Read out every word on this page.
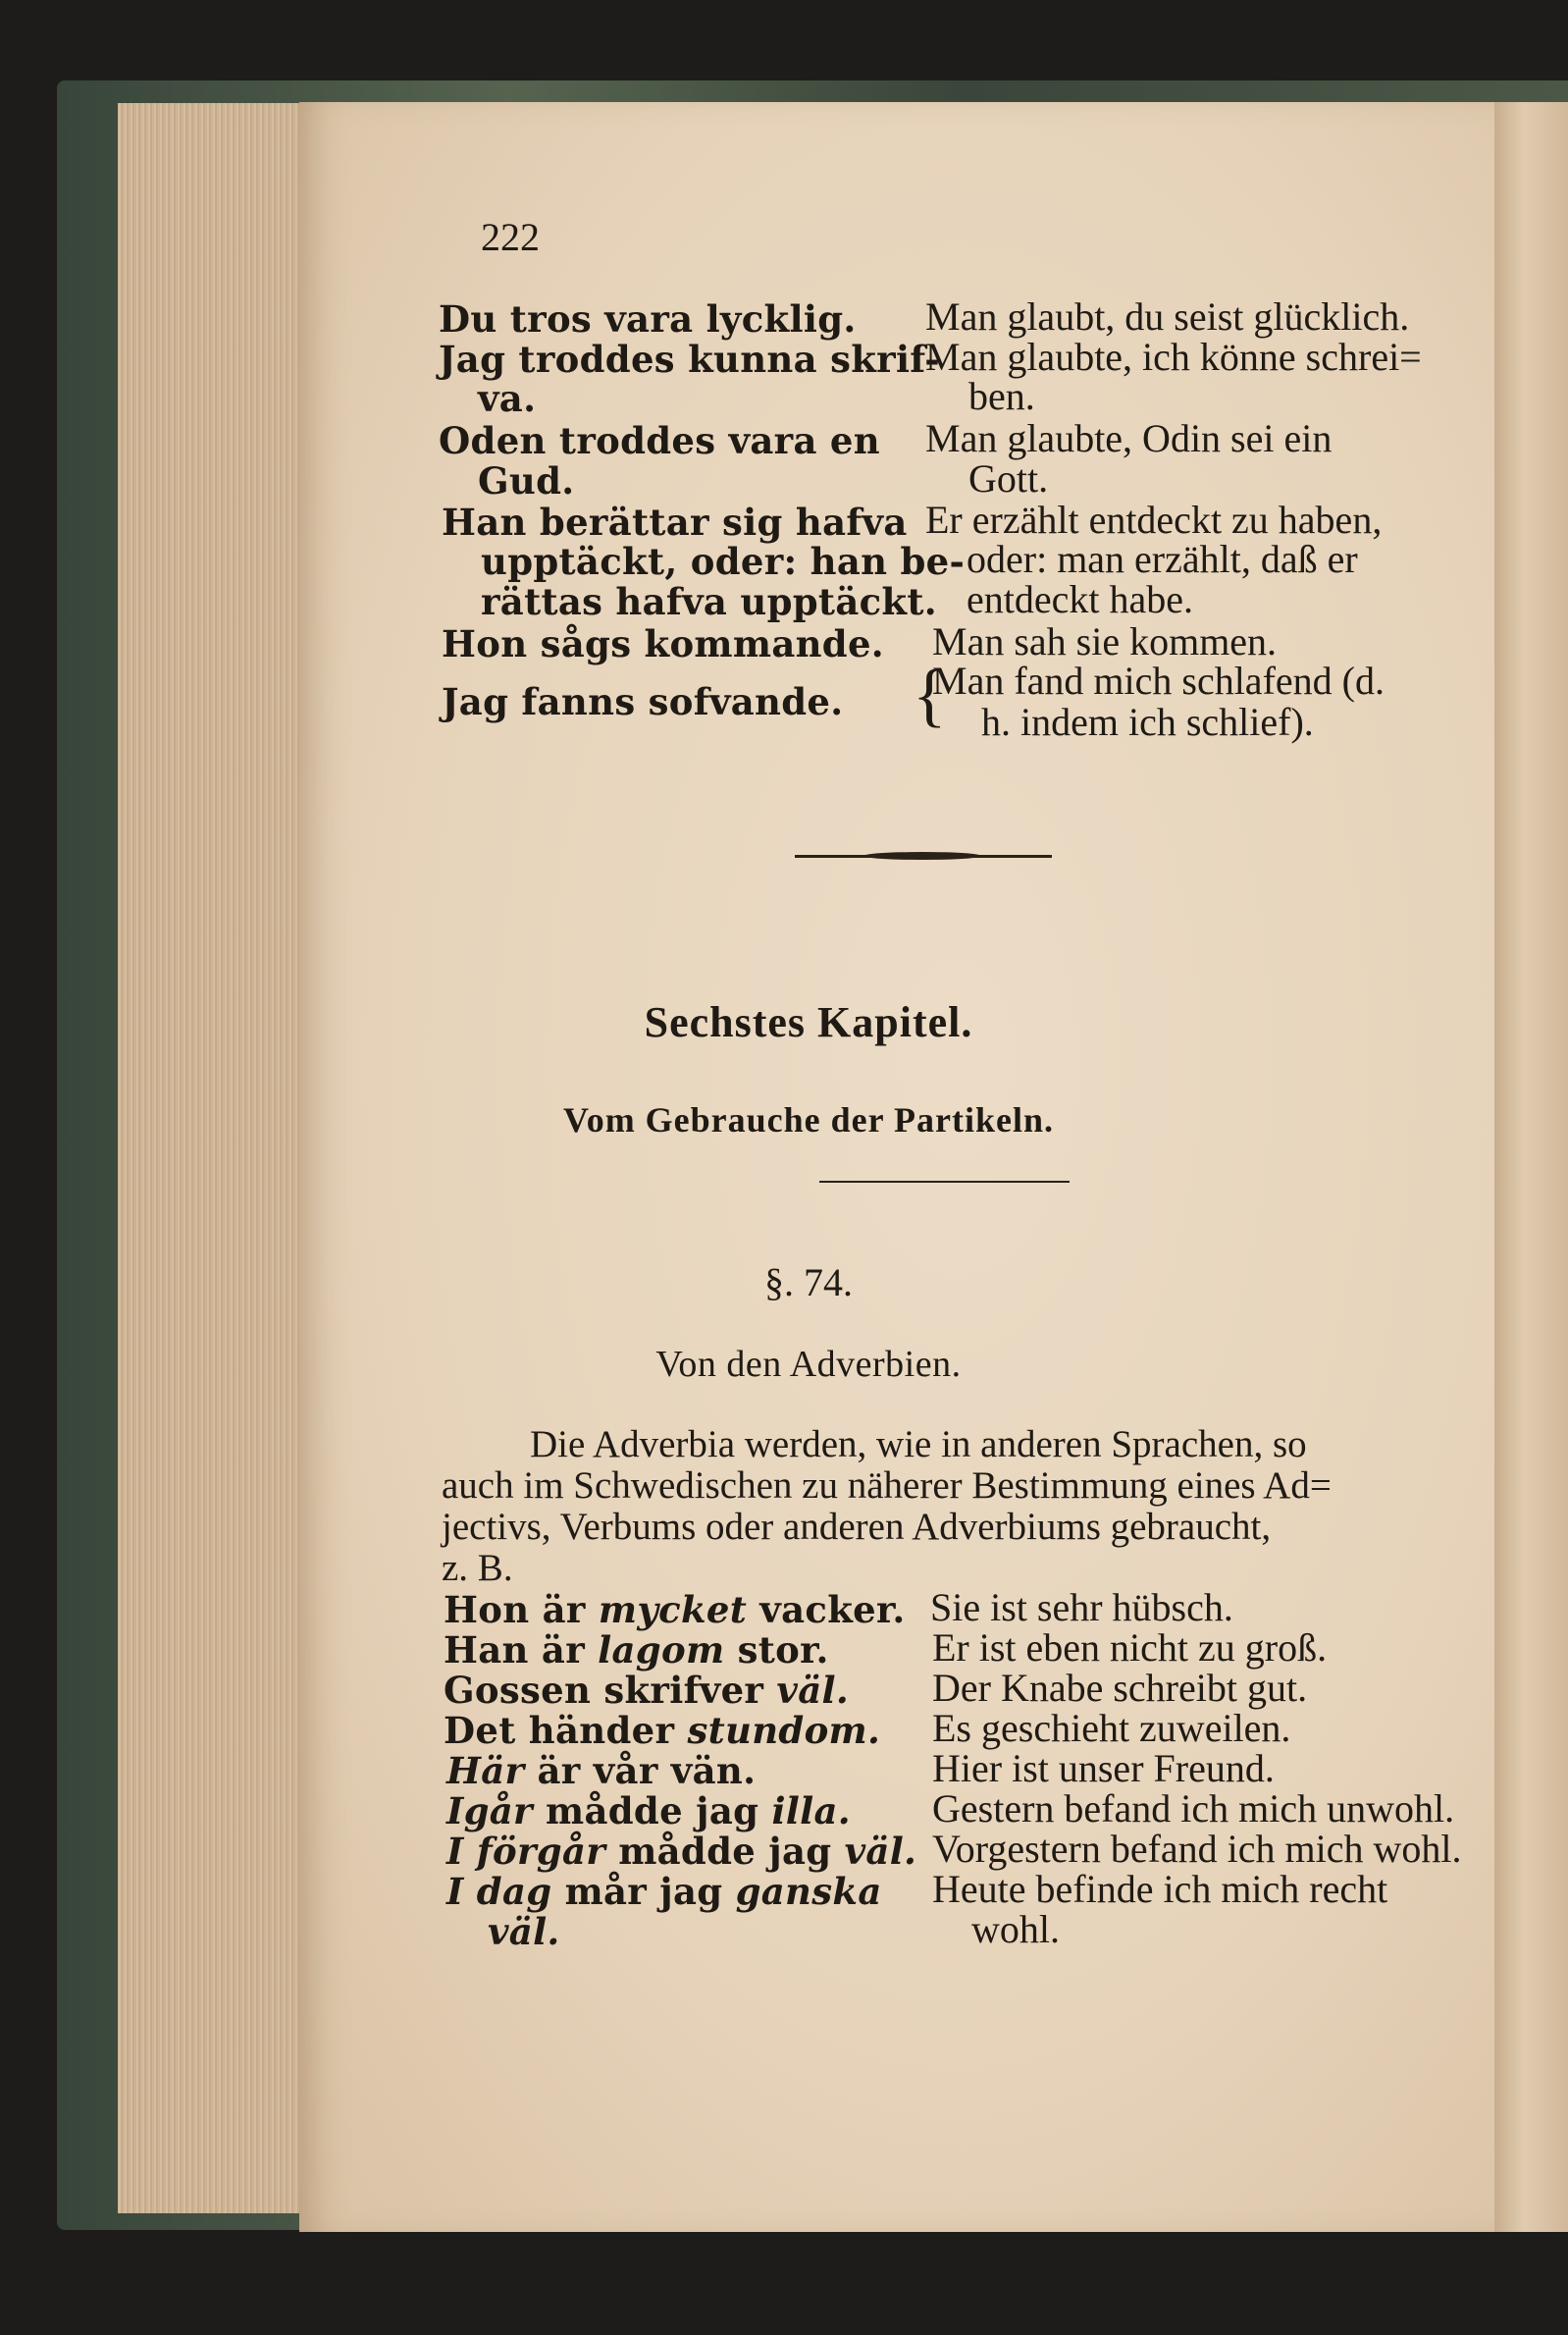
222
Du tros vara lycklig.
Jag troddes kunna skrif-
va.
Oden troddes vara en
Gud.
Han berättar sig hafva
upptäckt, oder: han be-
rättas hafva upptäckt.
Hon sågs kommande.
Jag fanns sofvande.
Man glaubt, du seist glücklich.
Man glaubte, ich könne schrei=
ben.
Man glaubte, Odin sei ein
Gott.
Er erzählt entdeckt zu haben,
oder: man erzählt, daß er
entdeckt habe.
Man sah sie kommen.
{
Man fand mich schlafend (d.
h. indem ich schlief).
Sechstes Kapitel.
Vom Gebrauche der Partikeln.
§. 74.
Von den Adverbien.
Die Adverbia werden, wie in anderen Sprachen, so
auch im Schwedischen zu näherer Bestimmung eines Ad=
jectivs, Verbums oder anderen Adverbiums gebraucht,
z. B.
Hon är mycket vacker.
Han är lagom stor.
Gossen skrifver väl.
Det händer stundom.
Här är vår vän.
Igår mådde jag illa.
I förgår mådde jag väl.
I dag mår jag ganska
väl.
Sie ist sehr hübsch.
Er ist eben nicht zu groß.
Der Knabe schreibt gut.
Es geschieht zuweilen.
Hier ist unser Freund.
Gestern befand ich mich unwohl.
Vorgestern befand ich mich wohl.
Heute befinde ich mich recht
wohl.
